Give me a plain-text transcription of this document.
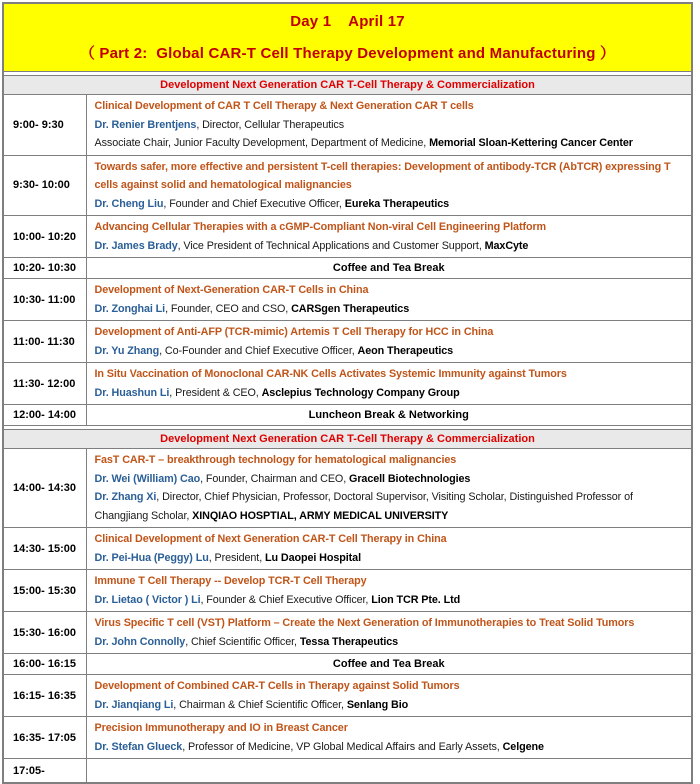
Day 1    April 17
（ Part 2:  Global CAR-T Cell Therapy Development and Manufacturing ）	

Development Next Generation CAR T-Cell Therapy & Commercialization	

9:00- 9:30	Clinical Development of CAR T Cell Therapy & Next Generation CAR T cells

Dr. Renier Brentjens, Director, Cellular Therapeutics

Associate Chair, Junior Faculty Development, Department of Medicine, Memorial Sloan-Kettering Cancer Center

9:30- 10:00	Towards safer, more effective and persistent T-cell therapies: Development of antibody-TCR (AbTCR) expressing T cells against solid and hematological malignancies

Dr. Cheng Liu, Founder and Chief Executive Officer, Eureka Therapeutics

10:00- 10:20	Advancing Cellular Therapies with a cGMP-Compliant Non-viral Cell Engineering Platform

Dr. James Brady, Vice President of Technical Applications and Customer Support, MaxCyte

10:20- 10:30	Coffee and Tea Break
10:30- 11:00	Development of Next-Generation CAR-T Cells in China

Dr. Zonghai Li, Founder, CEO and CSO, CARSgen Therapeutics

11:00- 11:30	Development of Anti-AFP (TCR-mimic) Artemis T Cell Therapy for HCC in China

Dr. Yu Zhang, Co-Founder and Chief Executive Officer, Aeon Therapeutics

11:30- 12:00	In Situ Vaccination of Monoclonal CAR-NK Cells Activates Systemic Immunity against Tumors

Dr. Huashun Li, President & CEO, Asclepius Technology Company Group

12:00- 14:00	Luncheon Break & Networking

Development Next Generation CAR T-Cell Therapy & Commercialization	

14:00- 14:30	FasT CAR-T – breakthrough technology for hematological malignancies

Dr. Wei (William) Cao, Founder, Chairman and CEO, Gracell Biotechnologies

Dr. Zhang Xi, Director, Chief Physician, Professor, Doctoral Supervisor, Visiting Scholar, Distinguished Professor of Changjiang Scholar, XINQIAO HOSPTIAL, ARMY MEDICAL UNIVERSITY

14:30- 15:00	Clinical Development of Next Generation CAR-T Cell Therapy in China

Dr. Pei-Hua (Peggy) Lu, President, Lu Daopei Hospital

15:00- 15:30	Immune T Cell Therapy -- Develop TCR-T Cell Therapy

Dr. Lietao ( Victor ) Li, Founder & Chief Executive Officer, Lion TCR Pte. Ltd

15:30- 16:00	Virus Specific T cell (VST) Platform – Create the Next Generation of Immunotherapies to Treat Solid Tumors

Dr. John Connolly, Chief Scientific Officer, Tessa Therapeutics

16:00- 16:15	Coffee and Tea Break
16:15- 16:35	Development of Combined CAR-T Cells in Therapy against Solid Tumors

Dr. Jianqiang Li, Chairman & Chief Scientific Officer, Senlang Bio

16:35- 17:05	Precision Immunotherapy and IO in Breast Cancer

Dr. Stefan Glueck, Professor of Medicine, VP Global Medical Affairs and Early Assets, Celgene

17:05-	
